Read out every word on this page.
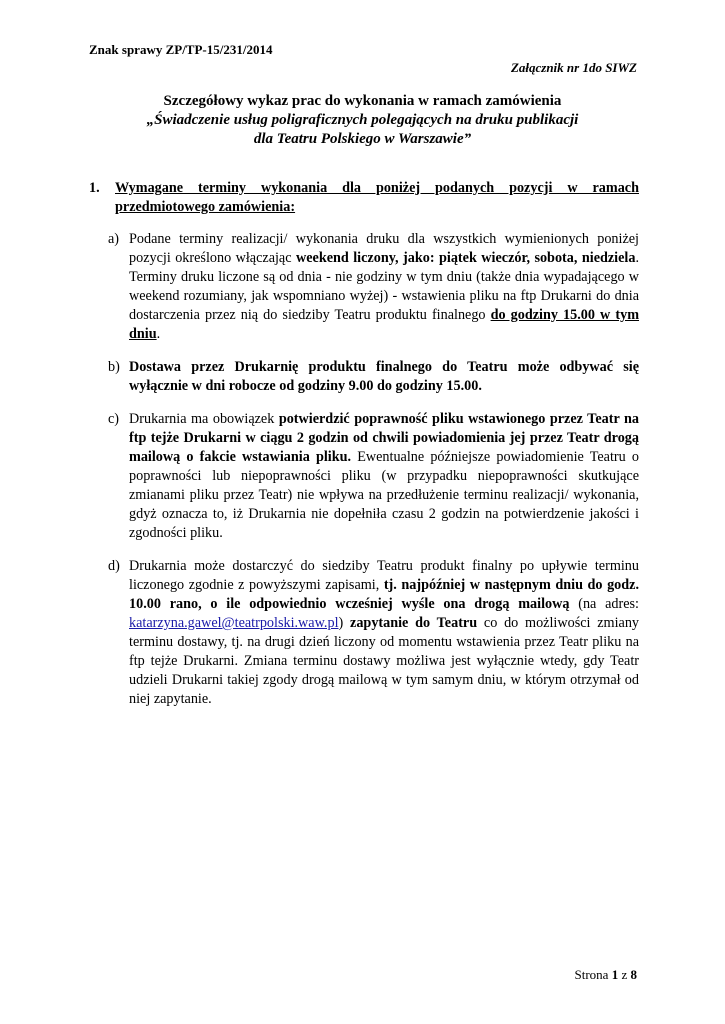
Znak sprawy ZP/TP-15/231/2014
Załącznik nr 1do SIWZ
Szczegółowy wykaz prac do wykonania w ramach zamówienia
„Świadczenie usług poligraficznych polegających na druku publikacji
dla Teatru Polskiego w Warszawie”
1. Wymagane terminy wykonania dla poniżej podanych pozycji w ramach przedmiotowego zamówienia:
a) Podane terminy realizacji/ wykonania druku dla wszystkich wymienionych poniżej pozycji określono włączając weekend liczony, jako: piątek wieczór, sobota, niedziela. Terminy druku liczone są od dnia - nie godziny w tym dniu (także dnia wypadającego w weekend rozumiany, jak wspomniano wyżej) - wstawienia pliku na ftp Drukarni do dnia dostarczenia przez nią do siedziby Teatru produktu finalnego do godziny 15.00 w tym dniu.
b) Dostawa przez Drukarnię produktu finalnego do Teatru może odbywać się wyłącznie w dni robocze od godziny 9.00 do godziny 15.00.
c) Drukarnia ma obowiązek potwierdzić poprawność pliku wstawionego przez Teatr na ftp tejże Drukarni w ciągu 2 godzin od chwili powiadomienia jej przez Teatr drogą mailową o fakcie wstawiania pliku. Ewentualne późniejsze powiadomienie Teatru o poprawności lub niepoprawności pliku (w przypadku niepoprawności skutkujące zmianami pliku przez Teatr) nie wpływa na przedłużenie terminu realizacji/ wykonania, gdyż oznacza to, iż Drukarnia nie dopełniła czasu 2 godzin na potwierdzenie jakości i zgodności pliku.
d) Drukarnia może dostarczyć do siedziby Teatru produkt finalny po upływie terminu liczonego zgodnie z powyższymi zapisami, tj. najpóźniej w następnym dniu do godz. 10.00 rano, o ile odpowiednio wcześniej wyśle ona drogą mailową (na adres: katarzyna.gawel@teatrpolski.waw.pl) zapytanie do Teatru co do możliwości zmiany terminu dostawy, tj. na drugi dzień liczony od momentu wstawienia przez Teatr pliku na ftp tejże Drukarni. Zmiana terminu dostawy możliwa jest wyłącznie wtedy, gdy Teatr udzieli Drukarni takiej zgody drogą mailową w tym samym dniu, w którym otrzymał od niej zapytanie.
Strona 1 z 8
